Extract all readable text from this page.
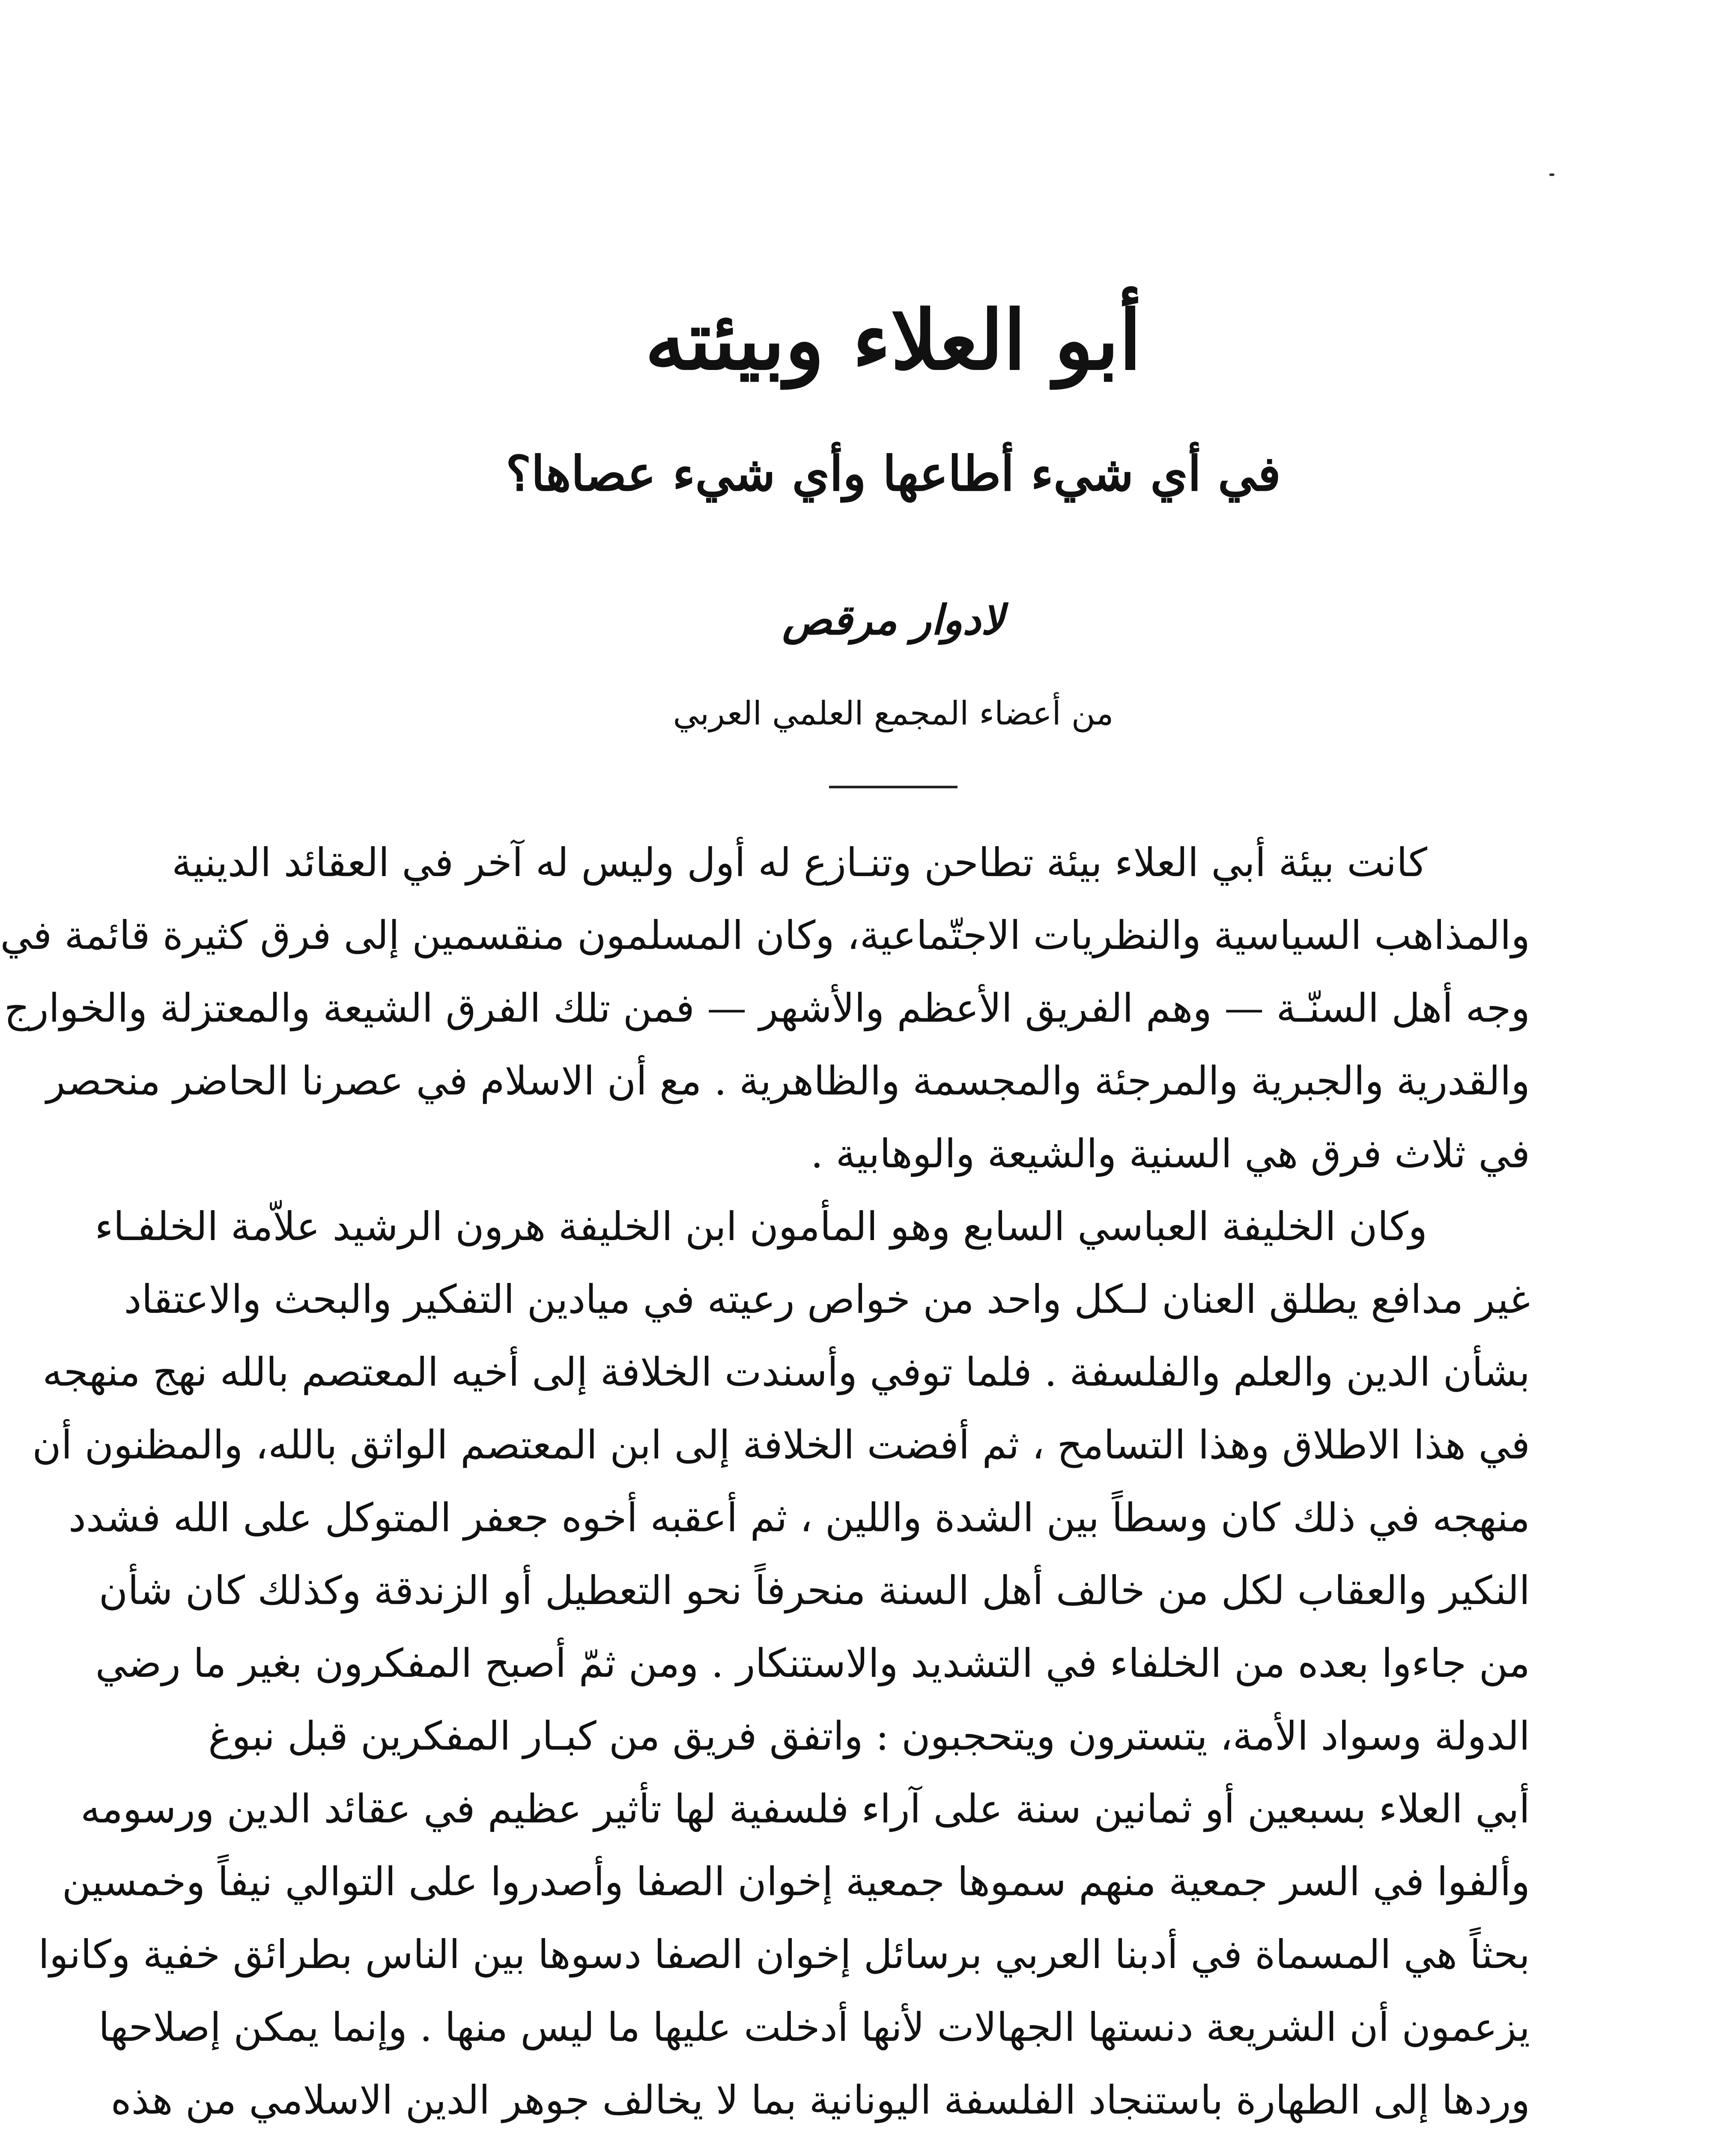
أبو العلاء وبيئته
في أي شيء أطاعها وأي شيء عصاها؟
لادوار مرقص
من أعضاء المجمع العلمي العربي
كانت بيئة أبي العلاء بيئة تطاحن وتنـازع له أول وليس له آخر في العقائد الدينية
والمذاهب السياسية والنظريات الاجتّماعية، وكان المسلمون منقسمين إلى فرق كثيرة قائمة في
وجه أهل السنّـة — وهم الفريق الأعظم والأشهر — فمن تلك الفرق الشيعة والمعتزلة والخوارج
والقدرية والجبرية والمرجئة والمجسمة والظاهرية . مع أن الاسلام في عصرنا الحاضر منحصر
في ثلاث فرق هي السنية والشيعة والوهابية .
وكان الخليفة العباسي السابع وهو المأمون ابن الخليفة هرون الرشيد علاّمة الخلفـاء
غير مدافع يطلق العنان لـكل واحد من خواص رعيته في ميادين التفكير والبحث والاعتقاد
بشأن الدين والعلم والفلسفة . فلما توفي وأسندت الخلافة إلى أخيه المعتصم بالله نهج منهجه
في هذا الاطلاق وهذا التسامح ، ثم أفضت الخلافة إلى ابن المعتصم الواثق بالله، والمظنون أن
منهجه في ذلك كان وسطاً بين الشدة واللين ، ثم أعقبه أخوه جعفر المتوكل على الله فشدد
النكير والعقاب لكل من خالف أهل السنة منحرفاً نحو التعطيل أو الزندقة وكذلك كان شأن
من جاءوا بعده من الخلفاء في التشديد والاستنكار . ومن ثمّ أصبح المفكرون بغير ما رضي
الدولة وسواد الأمة، يتسترون ويتحجبون : واتفق فريق من كبـار المفكرين قبل نبوغ
أبي العلاء بسبعين أو ثمانين سنة على آراء فلسفية لها تأثير عظيم في عقائد الدين ورسومه
وألفوا في السر جمعية منهم سموها جمعية إخوان الصفا وأصدروا على التوالي نيفاً وخمسين
بحثاً هي المسماة في أدبنا العربي برسائل إخوان الصفا دسوها بين الناس بطرائق خفية وكانوا
يزعمون أن الشريعة دنستها الجهالات لأنها أدخلت عليها ما ليس منها . وإنما يمكن إصلاحها
وردها إلى الطهارة باستنجاد الفلسفة اليونانية بما لا يخالف جوهر الدين الاسلامي من هذه
